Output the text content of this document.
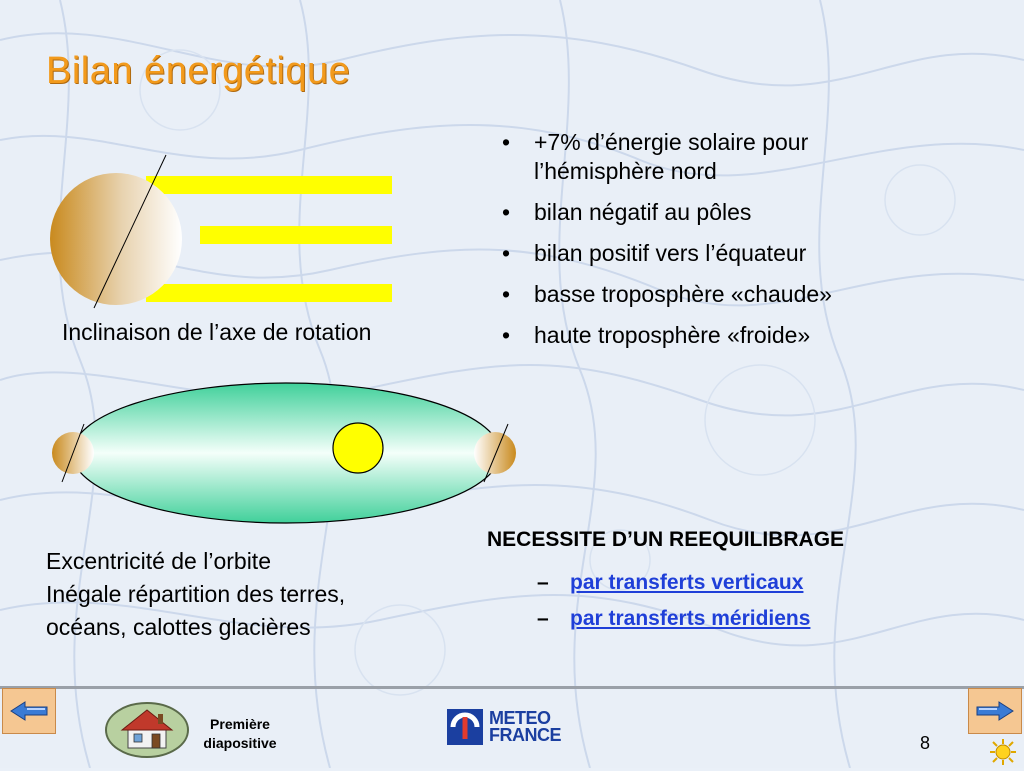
Bilan énergétique
Inclinaison de l’axe de rotation
• +7% d’énergie solaire pour l’hémisphère nord
• bilan négatif au pôles
• bilan positif vers l’équateur
• basse troposphère «chaude»
• haute troposphère «froide»
Excentricité de l’orbite
Inégale répartition des terres,
océans, calottes glacières
NECESSITE D’UN REEQUILIBRAGE
– par transferts verticaux
– par transferts méridiens
Première
diapositive
METEO
FRANCE	8
